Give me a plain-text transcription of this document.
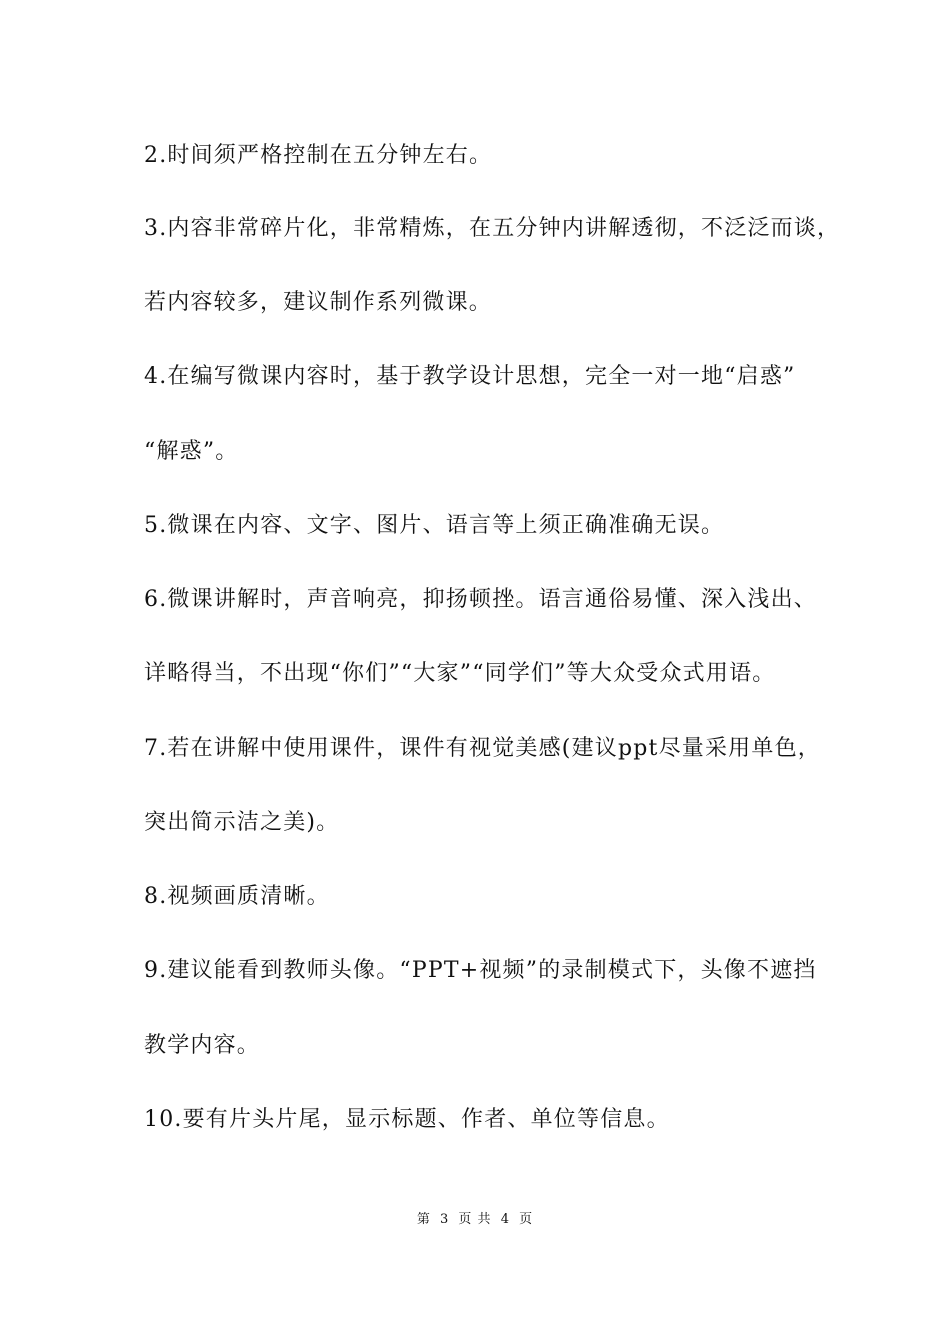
2.时间须严格控制在五分钟左右。
3.内容非常碎片化，非常精炼，在五分钟内讲解透彻，不泛泛而谈，
若内容较多，建议制作系列微课。
4.在编写微课内容时，基于教学设计思想，完全一对一地“启惑”
“解惑”。
5.微课在内容、文字、图片、语言等上须正确准确无误。
6.微课讲解时，声音响亮，抑扬顿挫。语言通俗易懂、深入浅出、
详略得当，不出现“你们”“大家”“同学们”等大众受众式用语。
7.若在讲解中使用课件，课件有视觉美感(建议ppt尽量采用单色，
突出简示洁之美)。
8.视频画质清晰。
9.建议能看到教师头像。“PPT+视频”的录制模式下，头像不遮挡
教学内容。
10.要有片头片尾，显示标题、作者、单位等信息。
第 3 页 共 4 页
